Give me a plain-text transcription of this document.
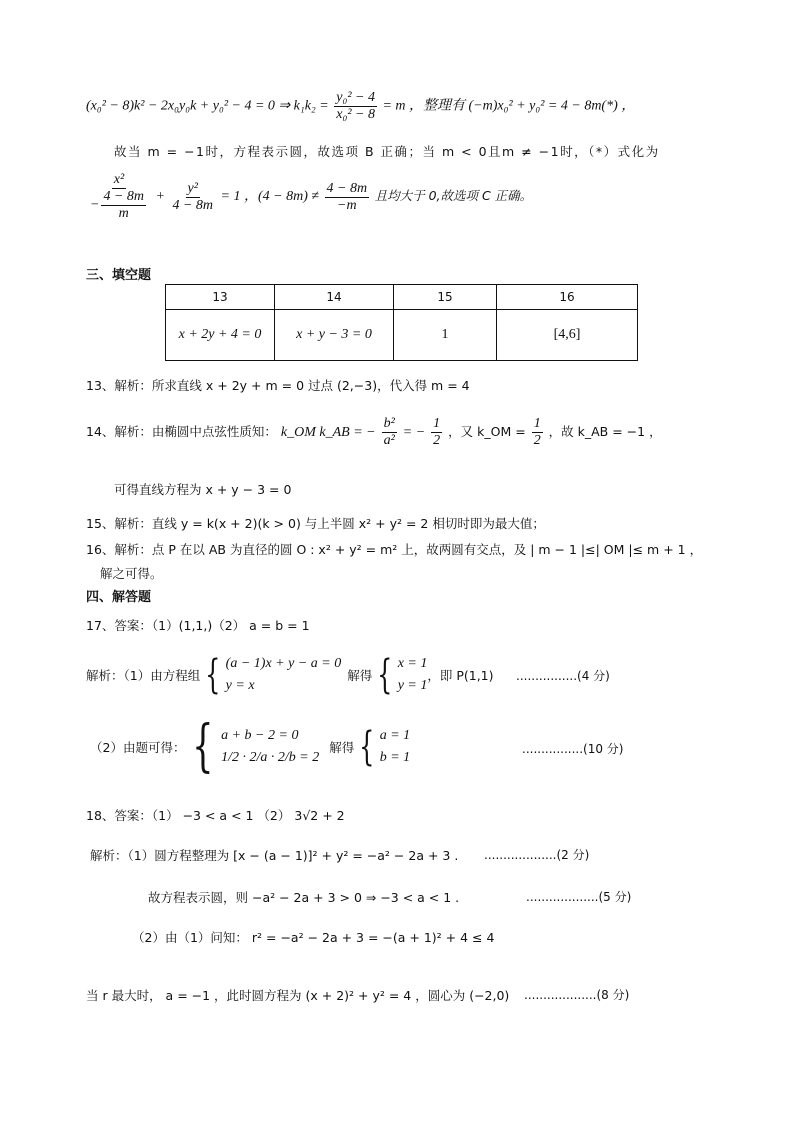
(x₀² − 8)k² − 2x₀y₀k + y₀² − 4 = 0 ⇒ $k_1k_2 = \frac{\text{y₀² − 4}}{\text{x₀² − 8}} = m$ ，整理有 (−m)x₀² + y₀² = 4 − 8m(*) ，
故当 m = −1时，方程表示圆，故选项 B 正确；当 m < 0且m ≠ −1时，（*）式化为
$\frac{\text{x²}}{- \frac{4 - 8m}{m}} + \frac{\text{y²}}{4 - 8m} = 1$ ，$(4 - 8m) \ne \frac{4 - 8m}{-m}$ 且均大于 0,故选项 C 正确。
三、填空题
13	14	15	16
x + 2y + 4 = 0	x + y − 3 = 0	1	[4,6]
13、解析：所求直线 x + 2y + m = 0 过点 (2,−3)，代入得 m = 4
14、解析：由椭圆中点弦性质知： k_OM k_AB = − $\frac{\text{b²}}{\text{a²}}$ = − $\frac{1}{2}$ ，又 k_OM = $\frac{1}{2}$ ，故 k_AB = −1 ，
可得直线方程为 x + y − 3 = 0
15、解析：直线 y = k(x + 2)(k > 0) 与上半圆 x² + y² = 2 相切时即为最大值；
16、解析：点 P 在以 AB 为直径的圆 O : x² + y² = m² 上，故两圆有交点，及 | m − 1 |≤| OM |≤ m + 1 ，
解之可得。
四、解答题
17、答案：（1）(1,1,)（2） a = b = 1
解析：（1）由方程组 { (a − 1)x + y − a = 0
y = x
解得 { x = 1
y = 1
，即 P(1,1) ................(4 分)
（2）由题可得： { a + b − 2 = 0
1/2 · 2/a · 2/b = 2
解得 { a = 1
b = 1
................(10 分)
18、答案：（1） −3 < a < 1 （2） 3√2 + 2
解析：（1）圆方程整理为 [x − (a − 1)]² + y² = −a² − 2a + 3 . ...................(2 分)
故方程表示圆，则 −a² − 2a + 3 > 0 ⇒ −3 < a < 1 .	...................(5 分)
（2）由（1）问知： r² = −a² − 2a + 3 = −(a + 1)² + 4 ≤ 4
当 r 最大时， a = −1 ，此时圆方程为 (x + 2)² + y² = 4 ，圆心为 (−2,0) ...................(8 分)
